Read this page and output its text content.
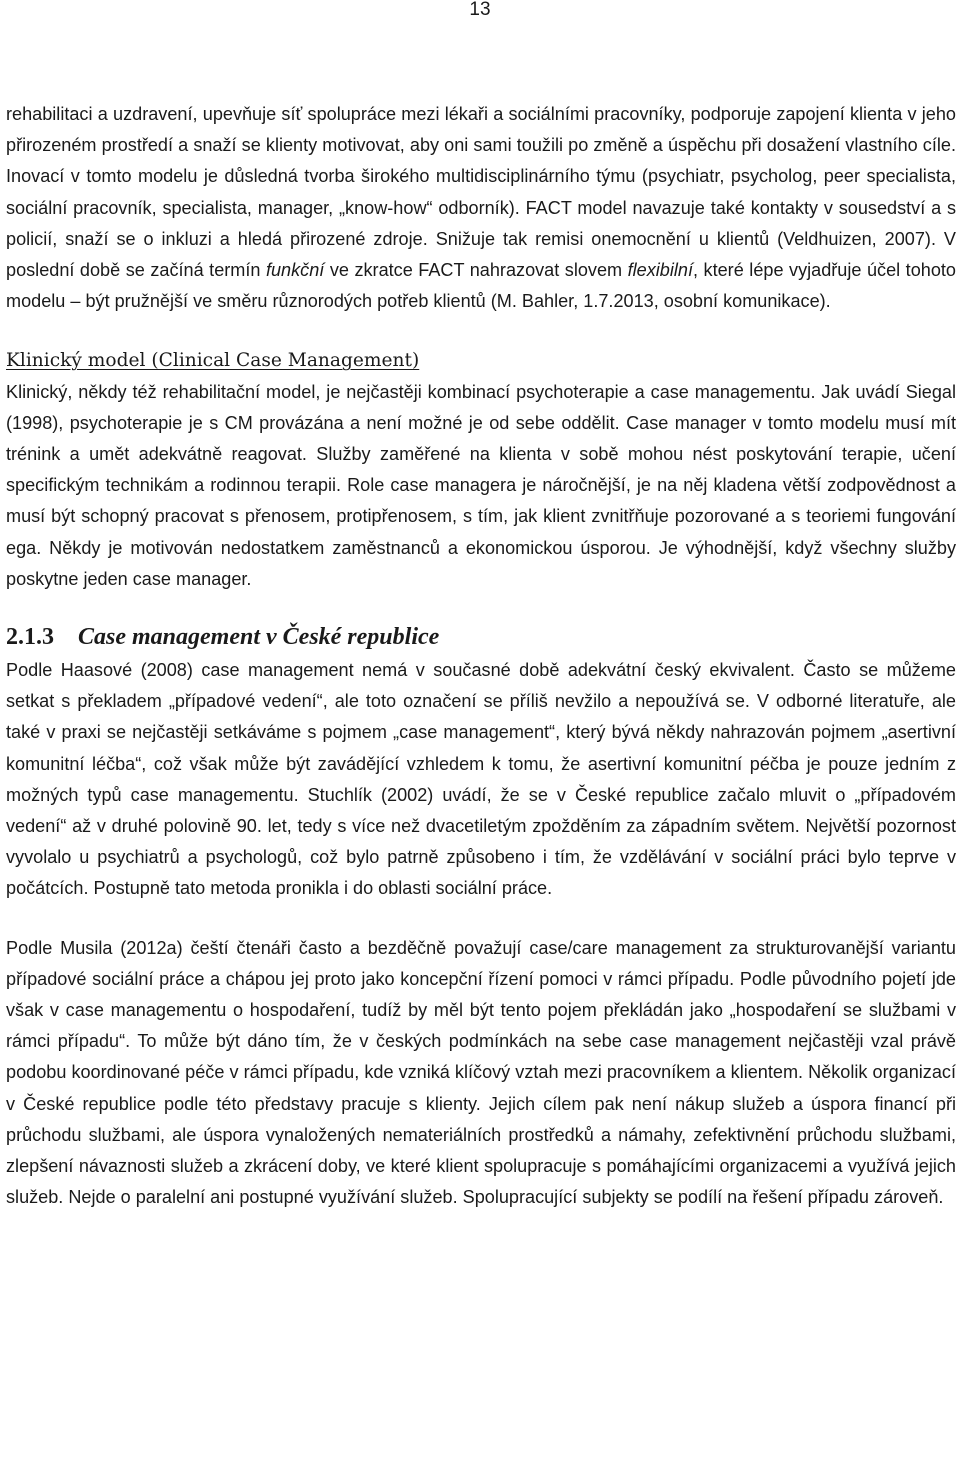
13

rehabilitaci a uzdravení, upevňuje síť spolupráce mezi lékaři a sociálními pracovníky, podporuje zapojení klienta v jeho přirozeném prostředí a snaží se klienty motivovat, aby oni sami toužili po změně a úspěchu při dosažení vlastního cíle. Inovací v tomto modelu je důsledná tvorba širokého multidisciplinárního týmu (psychiatr, psycholog, peer specialista, sociální pracovník, specialista, manager, „know-how“ odborník). FACT model navazuje také kontakty v sousedství a s policií, snaží se o inkluzi a hledá přirozené zdroje. Snižuje tak remisi onemocnění u klientů (Veldhuizen, 2007). V poslední době se začíná termín funkční ve zkratce FACT nahrazovat slovem flexibilní, které lépe vyjadřuje účel tohoto modelu – být pružnější ve směru různorodých potřeb klientů (M. Bahler, 1.7.2013, osobní komunikace).

Klinický model (Clinical Case Management)

Klinický, někdy též rehabilitační model, je nejčastěji kombinací psychoterapie a case managementu. Jak uvádí Siegal (1998), psychoterapie je s CM provázána a není možné je od sebe oddělit. Case manager v tomto modelu musí mít trénink a umět adekvátně reagovat. Služby zaměřené na klienta v sobě mohou nést poskytování terapie, učení specifickým technikám a rodinnou terapii. Role case managera je náročnější, je na něj kladena větší zodpovědnost a musí být schopný pracovat s přenosem, protipřenosem, s tím, jak klient zvnitřňuje pozorované a s teoriemi fungování ega. Někdy je motivován nedostatkem zaměstnanců a ekonomickou úsporou. Je výhodnější, když všechny služby poskytne jeden case manager.

2.1.3	Case management v České republice

Podle Haasové (2008) case management nemá v současné době adekvátní český ekvivalent. Často se můžeme setkat s překladem „případové vedení“, ale toto označení se příliš nevžilo a nepoužívá se. V odborné literatuře, ale také v praxi se nejčastěji setkáváme s pojmem „case management“, který bývá někdy nahrazován pojmem „asertivní komunitní léčba“, což však může být zavádějící vzhledem k tomu, že asertivní komunitní péčba je pouze jedním z možných typů case managementu. Stuchlík (2002) uvádí, že se v České republice začalo mluvit o „případovém vedení“ až v druhé polovině 90. let, tedy s více než dvacetiletým zpožděním za západním světem. Největší pozornost vyvolalo u psychiatrů a psychologů, což bylo patrně způsobeno i tím, že vzdělávání v sociální práci bylo teprve v počátcích. Postupně tato metoda pronikla i do oblasti sociální práce.

Podle Musila (2012a) čeští čtenáři často a bezděčně považují case/care management za strukturovanější variantu případové sociální práce a chápou jej proto jako koncepční řízení pomoci v rámci případu. Podle původního pojetí jde však v case managementu o hospodaření, tudíž by měl být tento pojem překládán jako „hospodaření se službami v rámci případu“. To může být dáno tím, že v českých podmínkách na sebe case management nejčastěji vzal právě podobu koordinované péče v rámci případu, kde vzniká klíčový vztah mezi pracovníkem a klientem. Několik organizací v České republice podle této představy pracuje s klienty. Jejich cílem pak není nákup služeb a úspora financí při průchodu službami, ale úspora vynaložených nemateriálních prostředků a námahy, zefektivnění průchodu službami, zlepšení návaznosti služeb a zkrácení doby, ve které klient spolupracuje s pomáhajícími organizacemi a využívá jejich služeb. Nejde o paralelní ani postupné využívání služeb. Spolupracující subjekty se podílí na řešení případu zároveň.
